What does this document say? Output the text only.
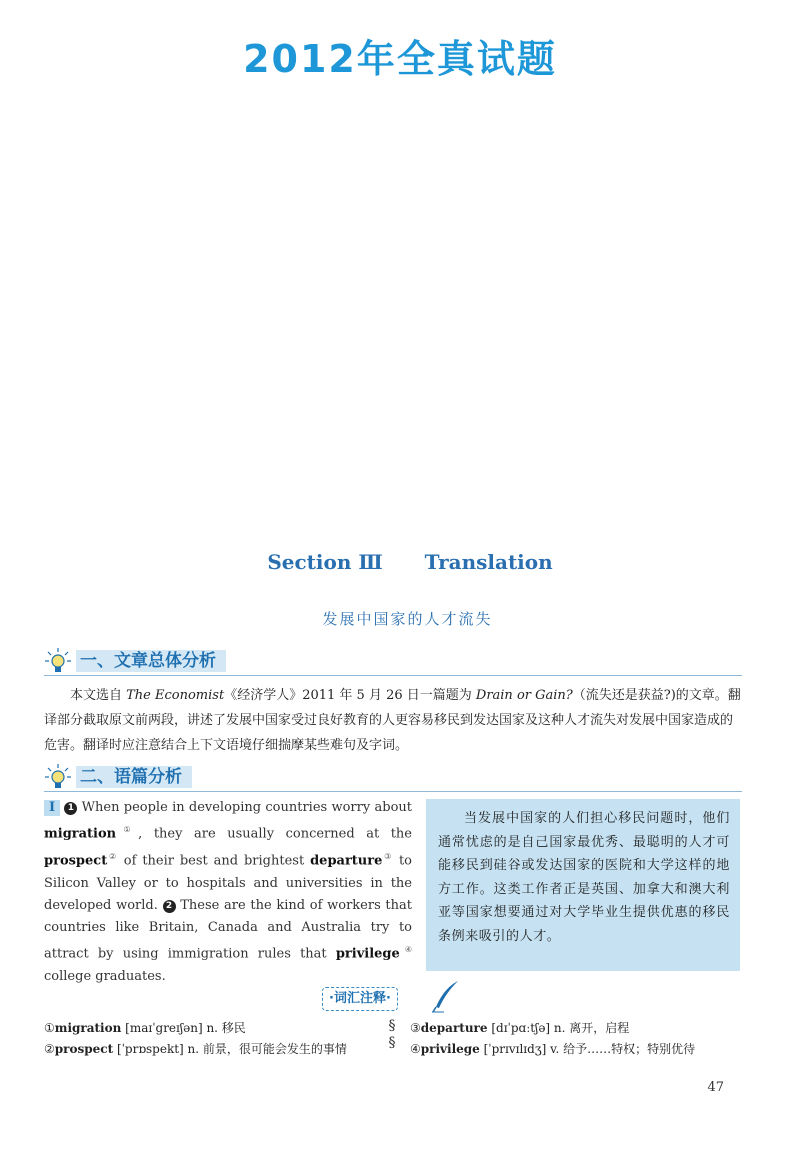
2012年全真试题
Section Ⅲ Translation
发展中国家的人才流失
一、文章总体分析

本文选自 The Economist《经济学人》2011 年 5 月 26 日一篇题为 Drain or Gain?（流失还是获益?)的文章。翻译部分截取原文前两段，讲述了发展中国家受过良好教育的人更容易移民到发达国家及这种人才流失对发展中国家造成的危害。翻译时应注意结合上下文语境仔细揣摩某些难句及字词。

二、语篇分析

Ⅰ 1 When people in developing countries worry about migration①, they are usually concerned at the prospect② of their best and brightest departure③ to Silicon Valley or to hospitals and universities in the developed world. 2 These are the kind of workers that countries like Britain, Canada and Australia try to attract by using immigration rules that privilege④ college graduates.

当发展中国家的人们担心移民问题时，他们通常忧虑的是自己国家最优秀、最聪明的人才可能移民到硅谷或发达国家的医院和大学这样的地方工作。这类工作者正是英国、加拿大和澳大利亚等国家想要通过对大学毕业生提供优惠的移民条例来吸引的人才。

·词汇注释·
①migration [maɪˈgreɪʃən] n. 移民
②prospect [ˈprɒspekt] n. 前景，很可能会发生的事情
§
§
③departure [dɪˈpɑːtʃə] n. 离开，启程
④privilege [ˈprɪvɪlɪdʒ] v. 给予……特权；特别优待
47
